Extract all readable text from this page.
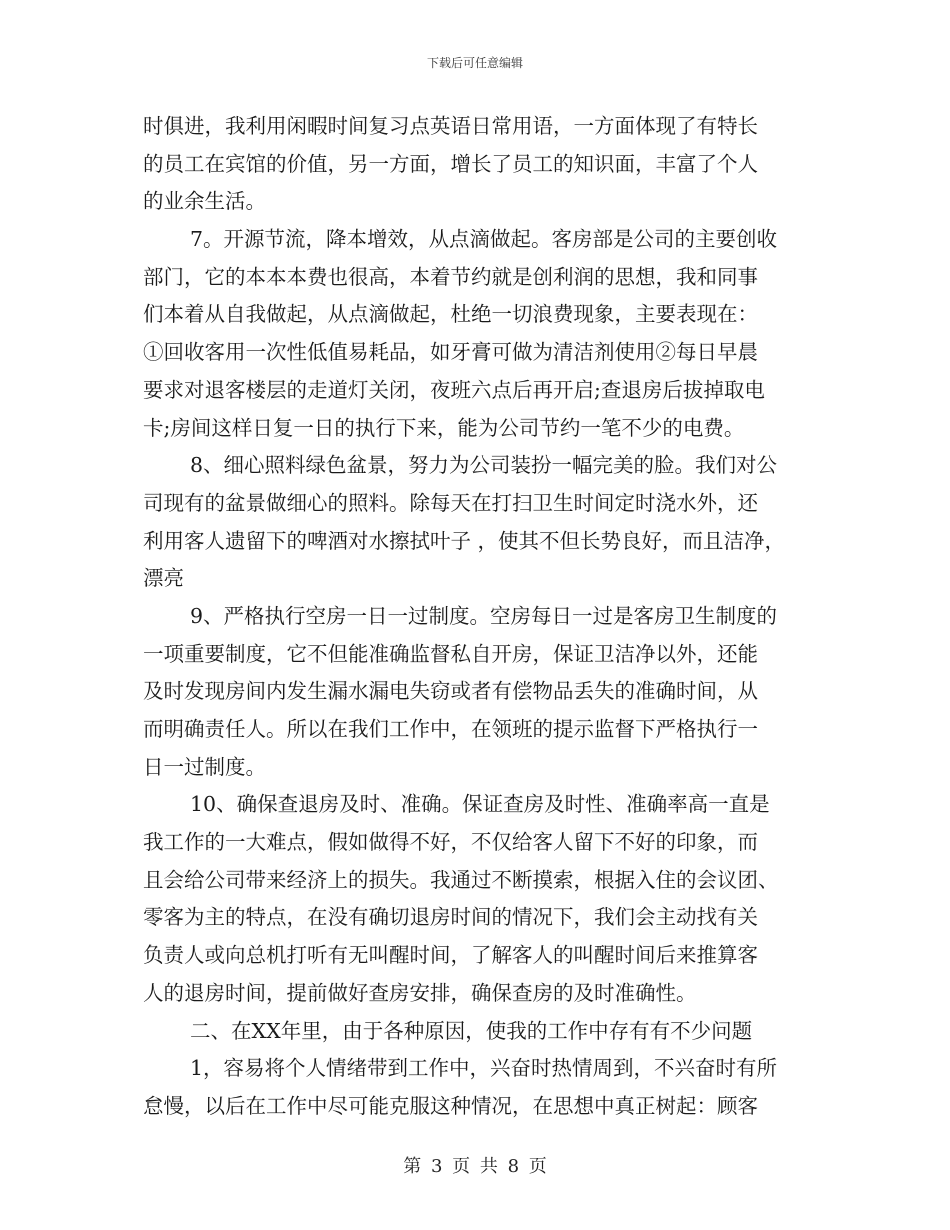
下载后可任意编辑
时俱进，我利用闲暇时间复习点英语日常用语，一方面体现了有特长
的员工在宾馆的价值，另一方面，增长了员工的知识面，丰富了个人
的业余生活。
7。开源节流，降本增效，从点滴做起。客房部是公司的主要创收
部门，它的本本本费也很高，本着节约就是创利润的思想，我和同事
们本着从自我做起，从点滴做起，杜绝一切浪费现象，主要表现在：
①回收客用一次性低值易耗品，如牙膏可做为清洁剂使用②每日早晨
要求对退客楼层的走道灯关闭，夜班六点后再开启;查退房后拔掉取电
卡;房间这样日复一日的执行下来，能为公司节约一笔不少的电费。
8、细心照料绿色盆景，努力为公司装扮一幅完美的脸。我们对公
司现有的盆景做细心的照料。除每天在打扫卫生时间定时浇水外，还
利用客人遗留下的啤酒对水擦拭叶子 ，使其不但长势良好，而且洁净，
漂亮
9、严格执行空房一日一过制度。空房每日一过是客房卫生制度的
一项重要制度，它不但能准确监督私自开房，保证卫洁净以外，还能
及时发现房间内发生漏水漏电失窃或者有偿物品丢失的准确时间，从
而明确责任人。所以在我们工作中，在领班的提示监督下严格执行一
日一过制度。
10、确保查退房及时、准确。保证查房及时性、准确率高一直是
我工作的一大难点，假如做得不好，不仅给客人留下不好的印象，而
且会给公司带来经济上的损失。我通过不断摸索，根据入住的会议团、
零客为主的特点，在没有确切退房时间的情况下，我们会主动找有关
负责人或向总机打听有无叫醒时间，了解客人的叫醒时间后来推算客
人的退房时间，提前做好查房安排，确保查房的及时准确性。
二、在XX年里，由于各种原因，使我的工作中存有有不少问题
1，容易将个人情绪带到工作中，兴奋时热情周到，不兴奋时有所
怠慢，以后在工作中尽可能克服这种情况，在思想中真正树起：顾客
第 3 页 共 8 页
